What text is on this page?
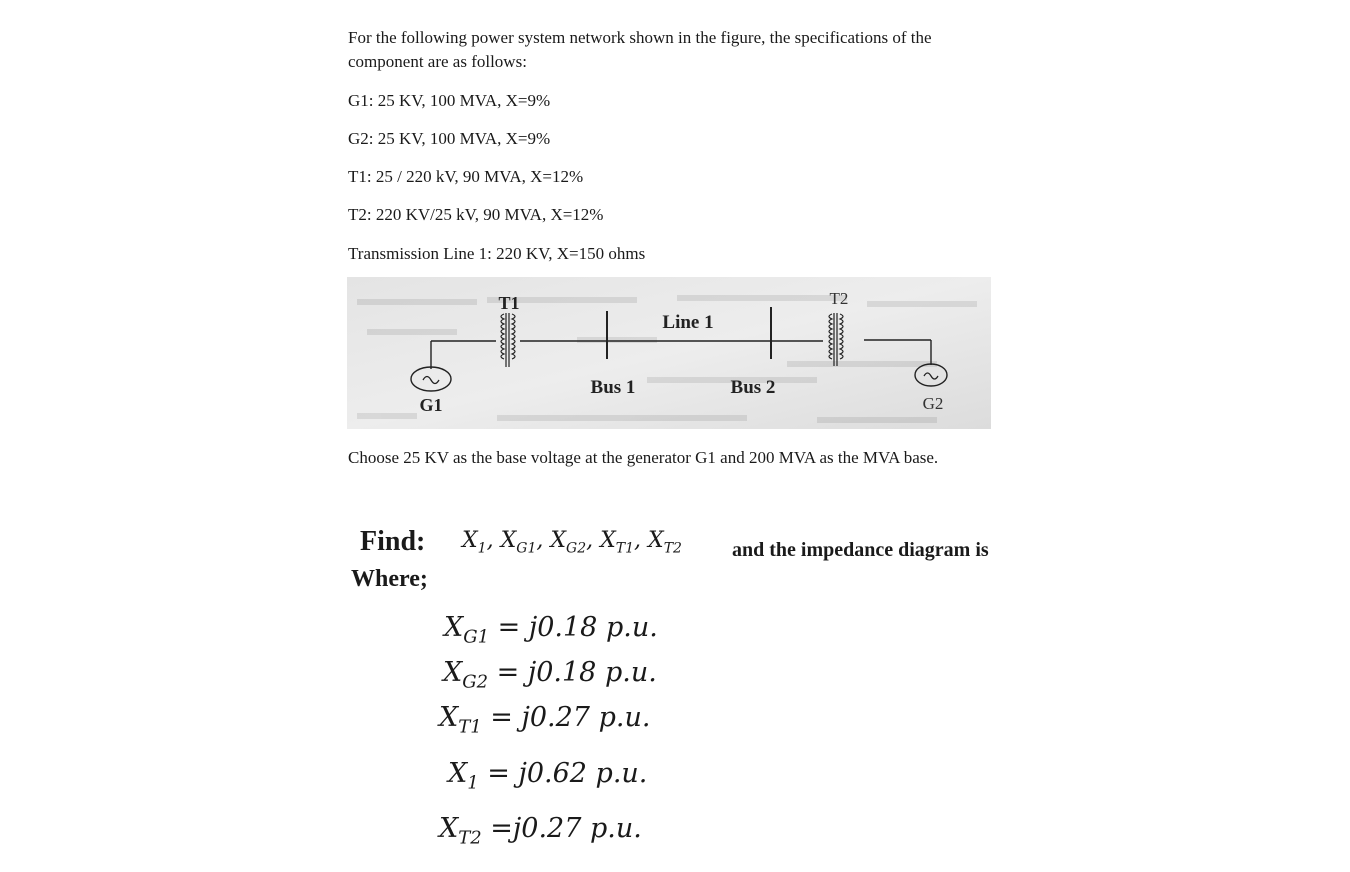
For the following power system network shown in the figure, the specifications of the component are as follows:

G1: 25 KV, 100 MVA, X=9%

G2: 25 KV, 100 MVA, X=9%

T1: 25 / 220 kV, 90 MVA, X=12%

T2: 220 KV/25 kV, 90 MVA, X=12%

Transmission Line 1: 220 KV, X=150 ohms

T1	T2
Line 1
Bus 1	Bus 2
G1	G2

Choose 25 KV as the base voltage at the generator G1 and 200 MVA as the MVA base.

Find: $X_1$, $X_{G1}$, $X_{G2}$, $X_{T1}$, $X_{T2}$	and the impedance diagram is
Where;
$X_{G1} = j0.18$ p.u.
$X_{G2} = j0.18$ p.u.
$X_{T1} = j0.27$ p.u.
$X_1 = j0.62$ p.u.
$X_{T2} =j0.27$ p.u.
